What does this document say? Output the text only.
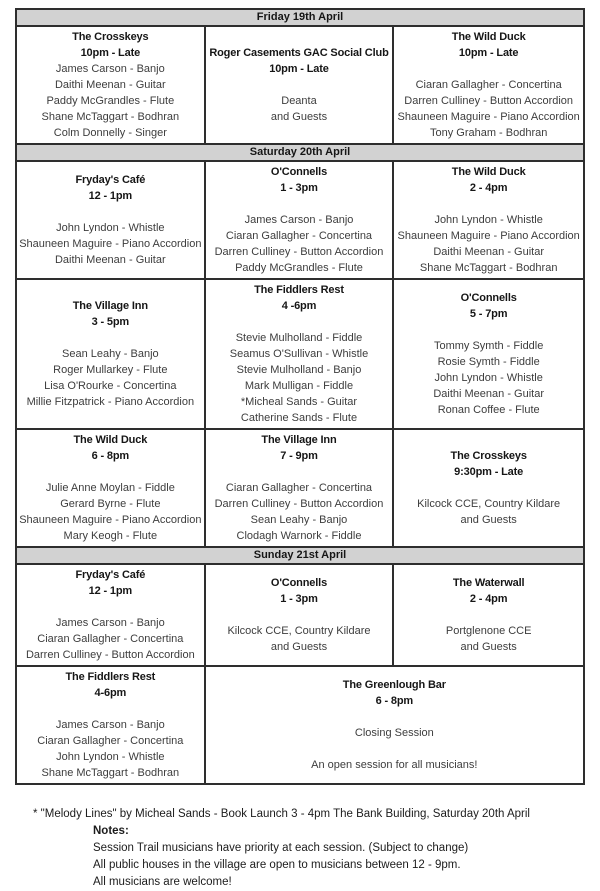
Friday 19th April
The Crosskeys
10pm - Late
James Carson - Banjo
Daithi Meenan - Guitar
Paddy McGrandles - Flute
Shane McTaggart - Bodhran
Colm Donnelly - Singer
Roger Casements GAC Social Club
10pm - Late
Deanta
and Guests
The Wild Duck
10pm - Late
Ciaran Gallagher - Concertina
Darren Culliney - Button Accordion
Shauneen Maguire - Piano Accordion
Tony Graham - Bodhran
Saturday 20th April
Fryday's Café
12 - 1pm
John Lyndon - Whistle
Shauneen Maguire - Piano Accordion
Daithi Meenan - Guitar
O'Connells
1 - 3pm
James Carson - Banjo
Ciaran Gallagher - Concertina
Darren Culliney - Button Accordion
Paddy McGrandles - Flute
The Wild Duck
2 - 4pm
John Lyndon - Whistle
Shauneen Maguire - Piano Accordion
Daithi Meenan - Guitar
Shane McTaggart - Bodhran
The Village Inn
3 - 5pm
Sean Leahy - Banjo
Roger Mullarkey - Flute
Lisa O'Rourke - Concertina
Millie Fitzpatrick - Piano Accordion
The Fiddlers Rest
4 -6pm
Stevie Mulholland - Fiddle
Seamus O'Sullivan - Whistle
Stevie Mulholland - Banjo
Mark Mulligan - Fiddle
*Micheal Sands - Guitar
Catherine Sands - Flute
O'Connells
5 - 7pm
Tommy Symth - Fiddle
Rosie Symth - Fiddle
John Lyndon - Whistle
Daithi Meenan - Guitar
Ronan Coffee - Flute
The Wild Duck
6 - 8pm
Julie Anne Moylan - Fiddle
Gerard Byrne - Flute
Shauneen Maguire - Piano Accordion
Mary Keogh - Flute
The Village Inn
7 - 9pm
Ciaran Gallagher - Concertina
Darren Culliney - Button Accordion
Sean Leahy - Banjo
Clodagh Warnork - Fiddle
The Crosskeys
9:30pm - Late
Kilcock CCE, Country Kildare
and Guests
Sunday 21st April
Fryday's Café
12 - 1pm
James Carson - Banjo
Ciaran Gallagher - Concertina
Darren Culliney - Button Accordion
O'Connells
1 - 3pm
Kilcock CCE, Country Kildare
and Guests
The Waterwall
2 - 4pm
Portglenone CCE
and Guests
The Fiddlers Rest
4-6pm
James Carson - Banjo
Ciaran Gallagher - Concertina
John Lyndon - Whistle
Shane McTaggart - Bodhran
The Greenlough Bar
6 - 8pm
Closing Session
An open session for all musicians!
* "Melody Lines" by Micheal Sands - Book Launch 3 - 4pm The Bank Building, Saturday 20th April
Notes:
Session Trail musicians have priority at each session. (Subject to change)
All public houses in the village are open to musicians between 12 - 9pm.
All musicians are welcome!
